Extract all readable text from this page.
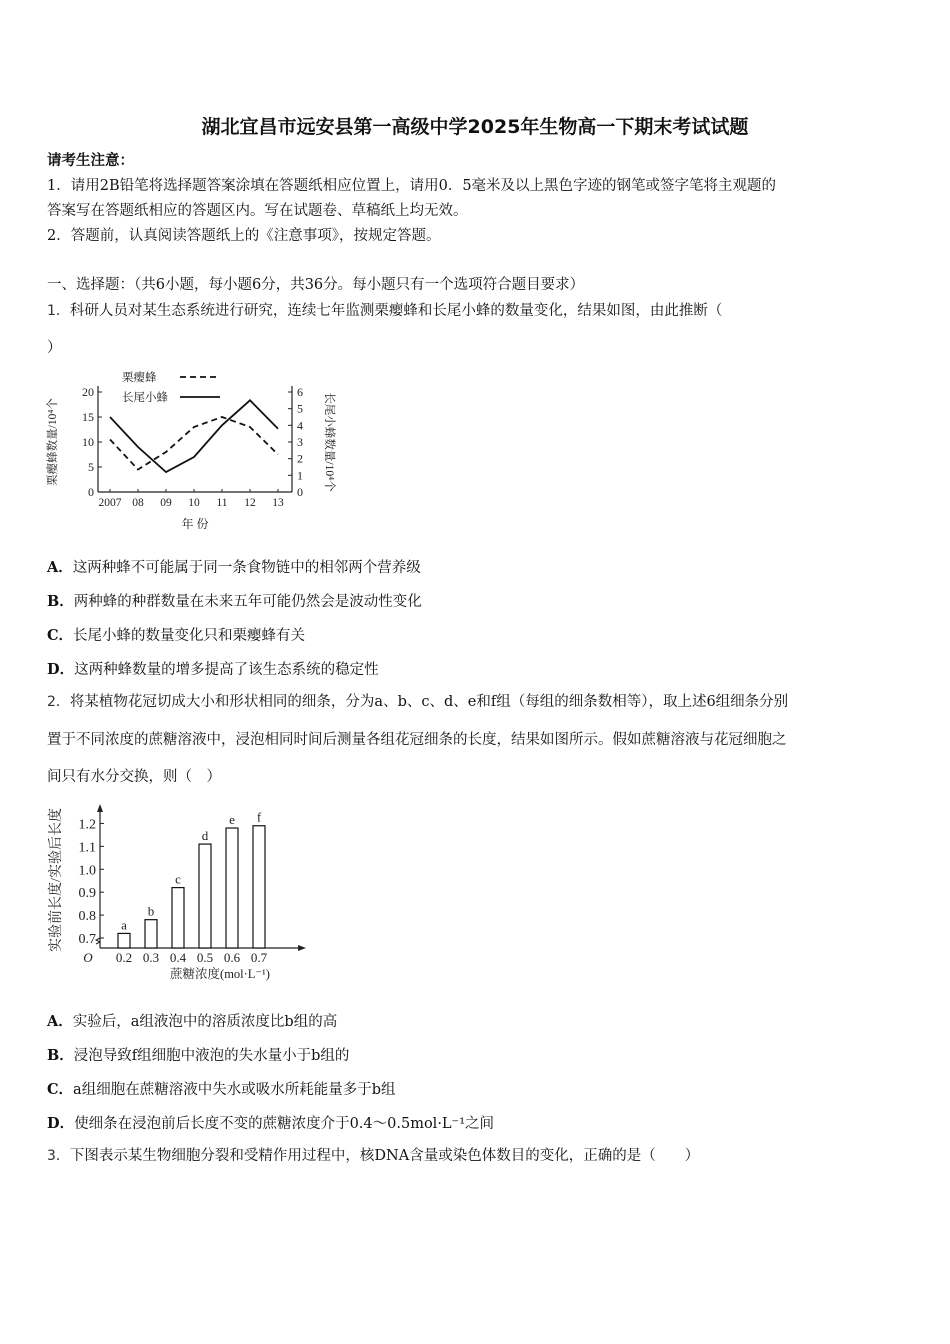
湖北宜昌市远安县第一高级中学2025年生物高一下期末考试试题
请考生注意：
1．请用2B铅笔将选择题答案涂填在答题纸相应位置上，请用0．5毫米及以上黑色字迹的钢笔或签字笔将主观题的
答案写在答题纸相应的答题区内。写在试题卷、草稿纸上均无效。
2．答题前，认真阅读答题纸上的《注意事项》，按规定答题。
一、选择题：（共6小题，每小题6分，共36分。每小题只有一个选项符合题目要求）
1．科研人员对某生态系统进行研究，连续七年监测栗瘿蜂和长尾小蜂的数量变化，结果如图，由此推断（
）
0
5
10
15
20
0
1
2
3
4
5
6
2007 08 09 10 11 12 13
年 份
栗瘿蜂数量/10⁴个	长尾小蜂数量/10⁴个
栗瘿蜂
长尾小蜂
A．这两种蜂不可能属于同一条食物链中的相邻两个营养级
B．两种蜂的种群数量在未来五年可能仍然会是波动性变化
C．长尾小蜂的数量变化只和栗瘿蜂有关
D．这两种蜂数量的增多提高了该生态系统的稳定性
2．将某植物花冠切成大小和形状相同的细条，分为a、b、c、d、e和f组（每组的细条数相等），取上述6组细条分别
置于不同浓度的蔗糖溶液中，浸泡相同时间后测量各组花冠细条的长度，结果如图所示。假如蔗糖溶液与花冠细胞之
间只有水分交换，则（　）
0.7
0.8
0.9
1.0
1.1
1.2
a
0.2
b
0.3
c
0.4
d
0.5
e
0.6
f
0.7
O
蔗糖浓度(mol·L⁻¹)
实验前长度/实验后长度
A．实验后，a组液泡中的溶质浓度比b组的高
B．浸泡导致f组细胞中液泡的失水量小于b组的
C．a组细胞在蔗糖溶液中失水或吸水所耗能量多于b组
D．使细条在浸泡前后长度不变的蔗糖浓度介于0.4～0.5mol·L⁻¹之间
3．下图表示某生物细胞分裂和受精作用过程中，核DNA含量或染色体数目的变化，正确的是（　　）
